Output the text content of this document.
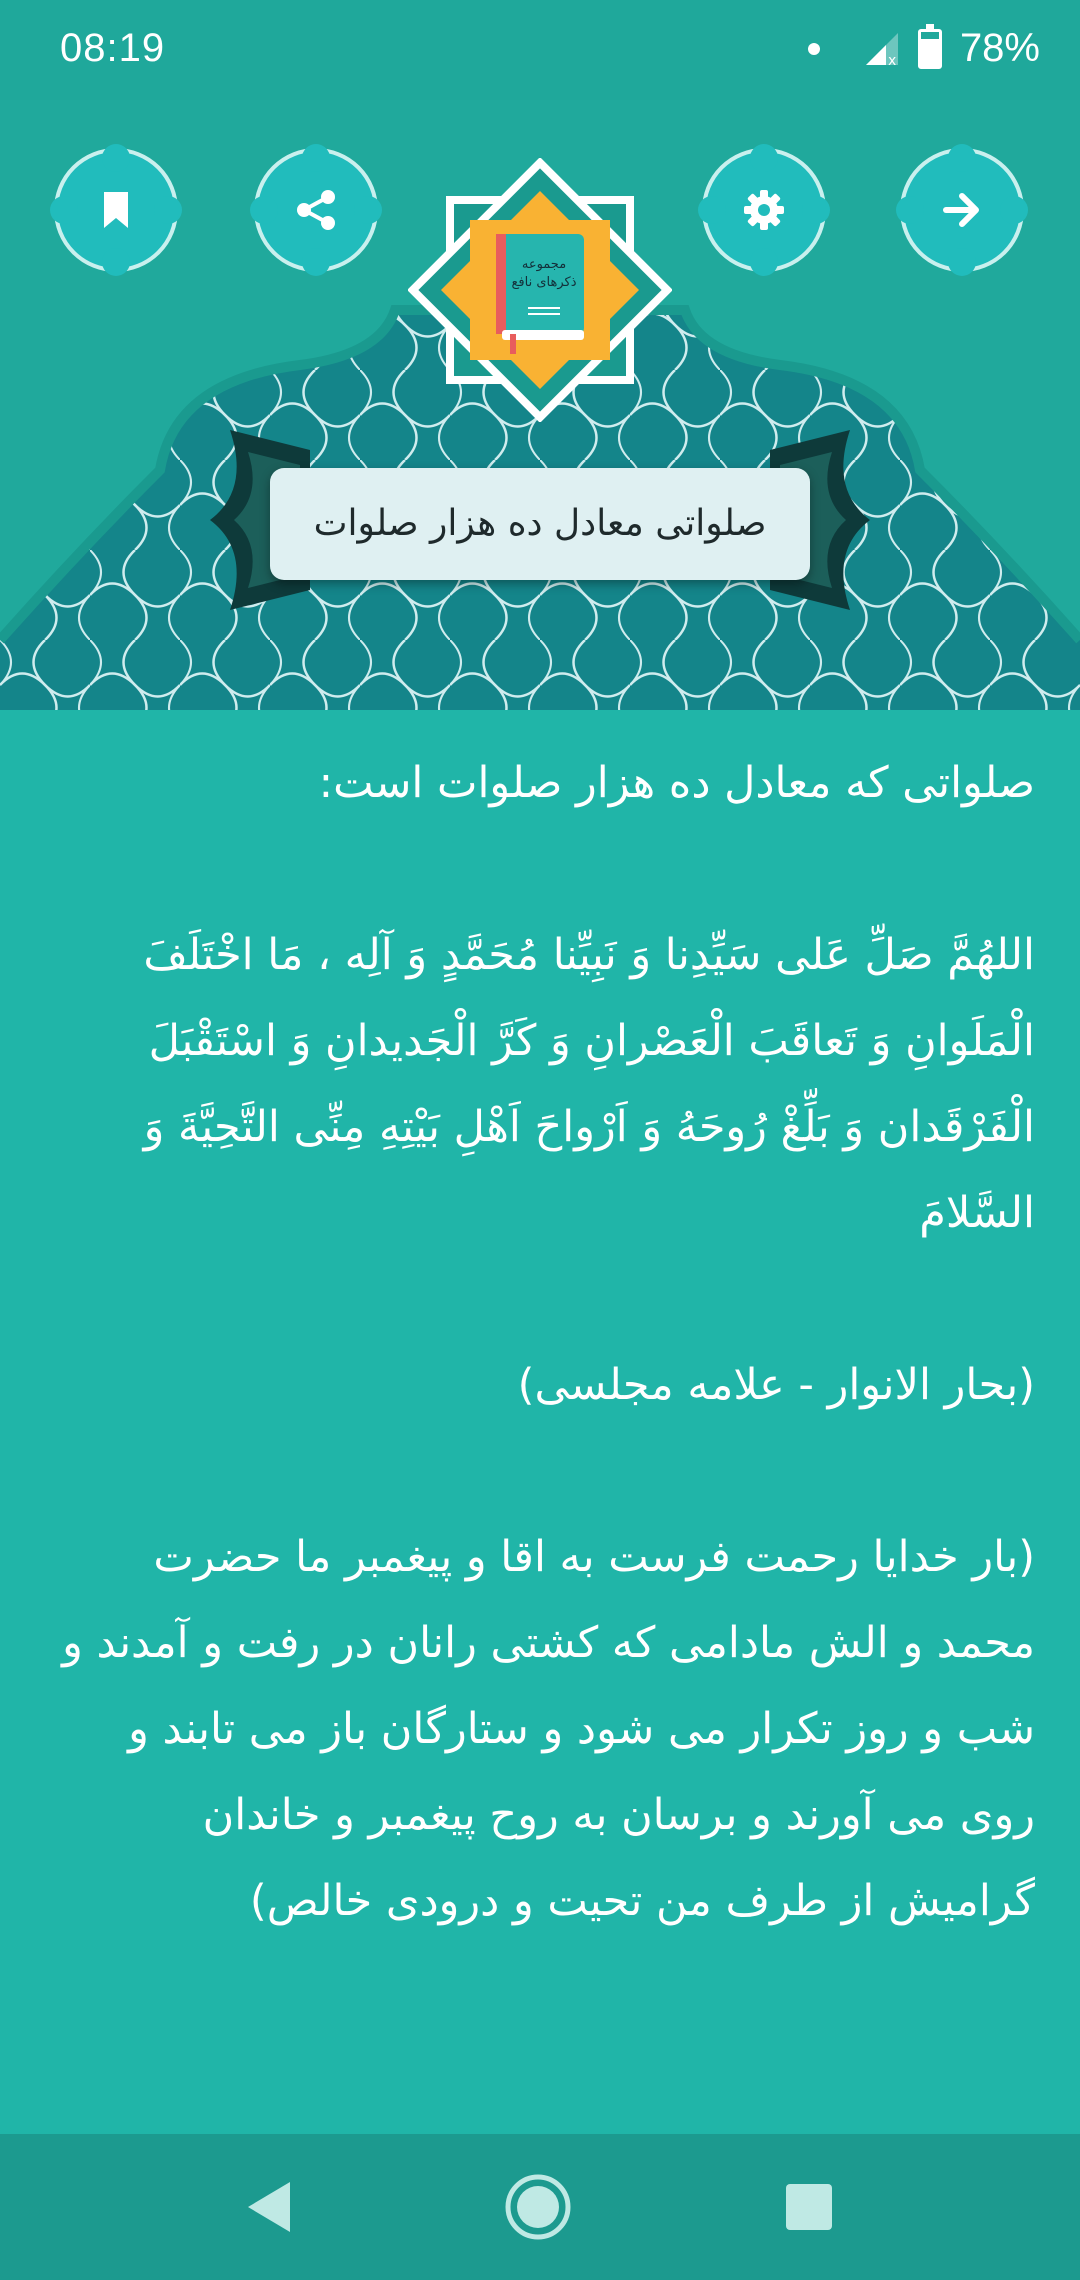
08:19	x 78%
مجموعه
ذکرهای نافع
صلواتی معادل ده هزار صلوات

صلواتی که معادل ده هزار صلوات است:

اللهُمَّ صَلِّ عَلی سَیِّدِنا وَ نَبِیِّنا مُحَمَّدٍ وَ آلِه ، مَا اخْتَلَفَ الْمَلَوانِ وَ تَعاقَبَ الْعَصْرانِ وَ کَرَّ الْجَدیدانِ وَ اسْتَقْبَلَ الْفَرْقَدان وَ بَلِّغْ رُوحَهُ وَ اَرْواحَ اَهْلِ بَیْتِهِ مِنِّی التَّحِیَّةَ وَ السَّلامَ

(بحار الانوار - علامه مجلسی)

(بار خدایا رحمت فرست به اقا و پیغمبر ما حضرت محمد و الش مادامی که کشتی رانان در رفت و آمدند و شب و روز تکرار می شود و ستارگان باز می تابند و روی می آورند و برسان به روح پیغمبر و خاندان گرامیش از طرف من تحیت و درودی خالص)
